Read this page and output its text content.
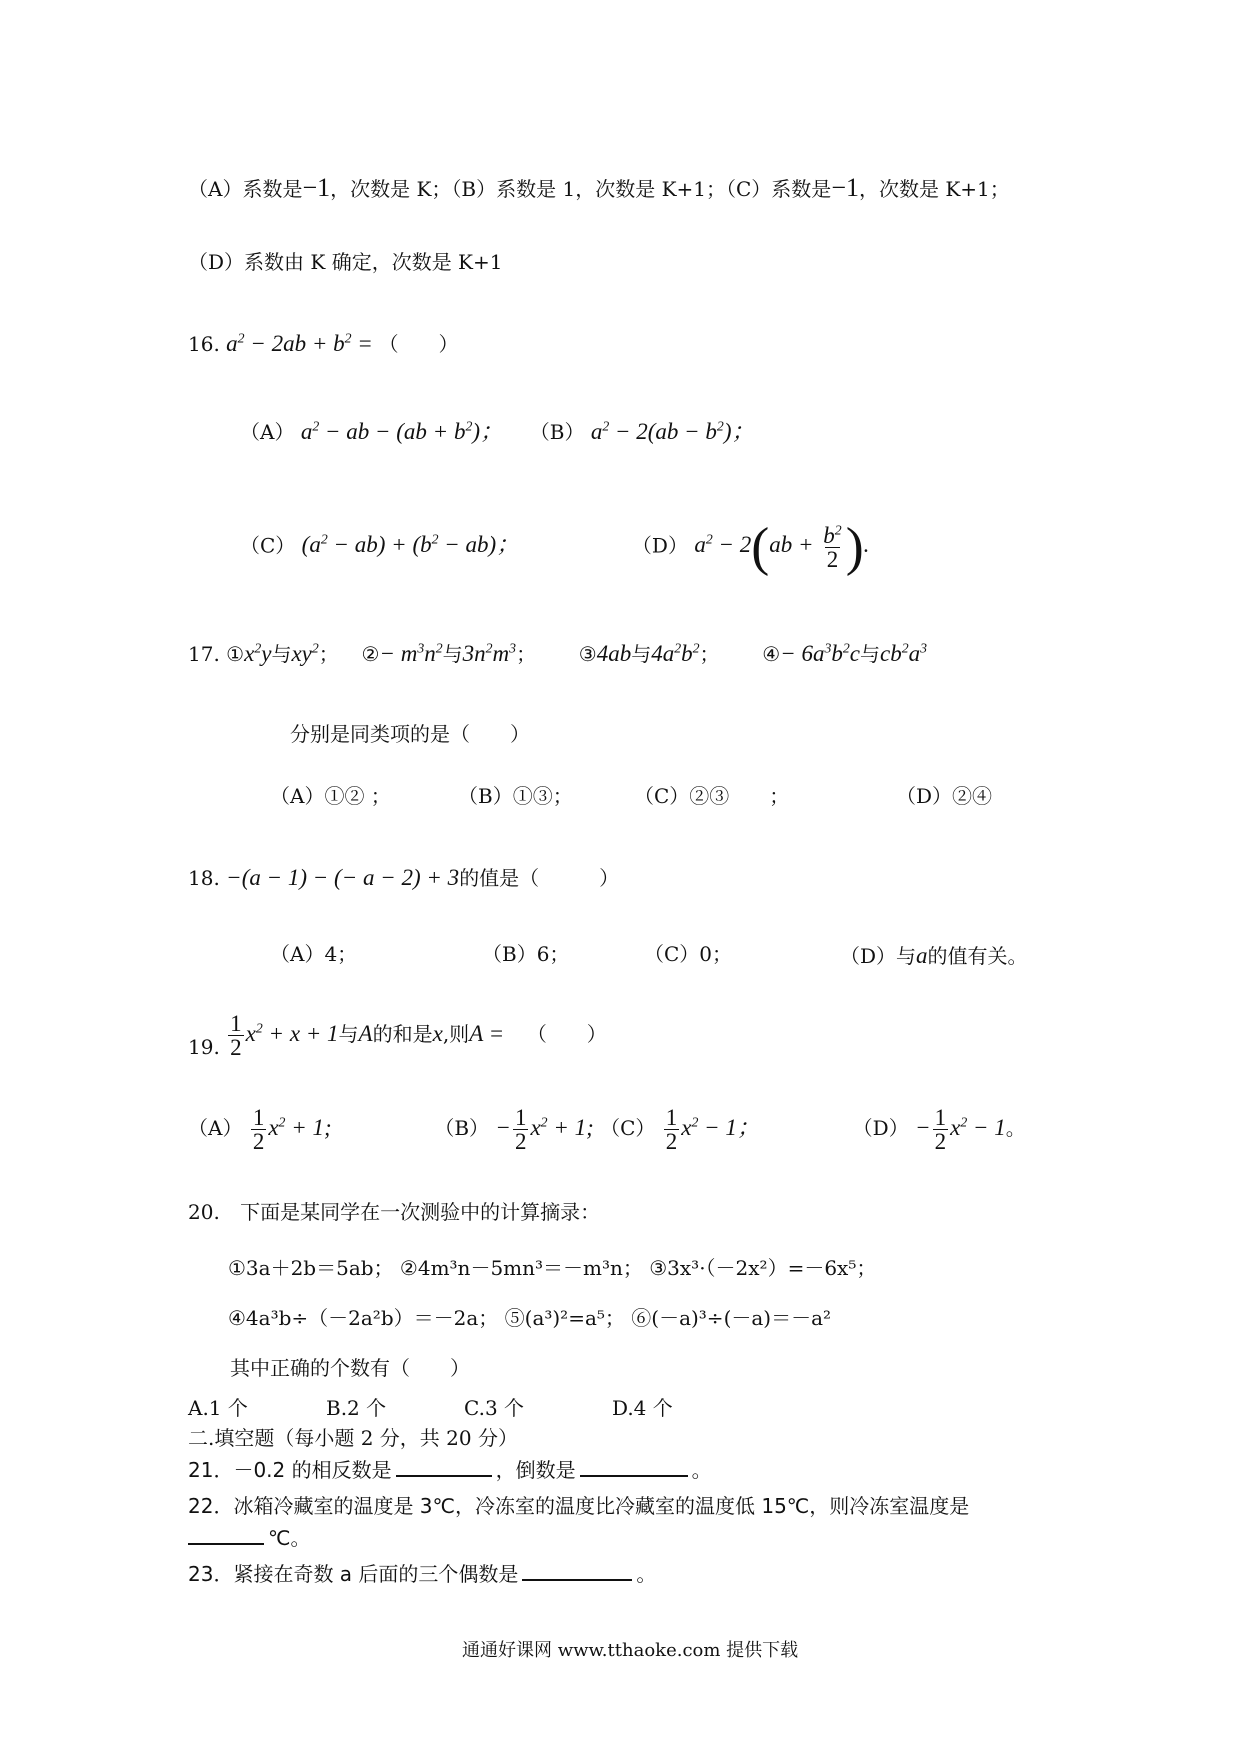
（A）系数是−1，次数是 K；（B）系数是 1，次数是 K+1；（C）系数是−1，次数是 K+1；
（D）系数由 K 确定，次数是 K+1
16. $a^2 - 2ab + b^2$ = （　　）
（A） $a^2$ − ab − $(ab + b^2)$； （B） $a^2 - 2(ab - b^2)$；
（C） $(a^2 - ab) + (b^2 - ab)$；	（D） $a^2 - 2(ab + \frac{b^2}{2}$ ).
17. $①x^2y$与$xy^2$； ②− $m^3n^2$与$3n^2m^3$； ③4ab与$4a^2b^2$； ④− $6a^3b^2c$与$cb^2a^3$
分别是同类项的是（　　）
（A）①② ；	（B）①③；	（C）②③　　；	（D）②④
18. −(a − 1) − (− a − 2) + 3的值是（　　　）
（A）4；	（B）6；	（C）0；	（D）与a的值有关。
19. $\frac{1}{2} x^2 + x + 1$与A的和是x,则A = （　　）
$(A) \frac{1}{2} x^2 + 1$;	$(B) - \frac{1}{2} x^2 + 1$; $(C) \frac{1}{2} x^2 - 1$；	$(D) - \frac{1}{2} x^2 - 1$。
20. 下面是某同学在一次测验中的计算摘录：
①3a＋2b＝5ab； ②4m³n－5mn³＝－m³n； ③3x³·（－2x²）=－6x⁵；
④4a³b÷（－2a²b）＝－2a； ⑤(a³)²=a⁵； ⑥(－a)³÷(－a)＝－a²
其中正确的个数有（　　）
A.1 个	B.2 个	C.3 个	D.4 个
二.填空题（每小题 2 分，共 20 分）
21．－0.2 的相反数是	，倒数是	。
22．冰箱冷藏室的温度是 3℃，冷冻室的温度比冷藏室的温度低 15℃，则冷冻室温度是
℃。
23．紧接在奇数 a 后面的三个偶数是	。
通通好课网 www.tthaoke.com 提供下载
